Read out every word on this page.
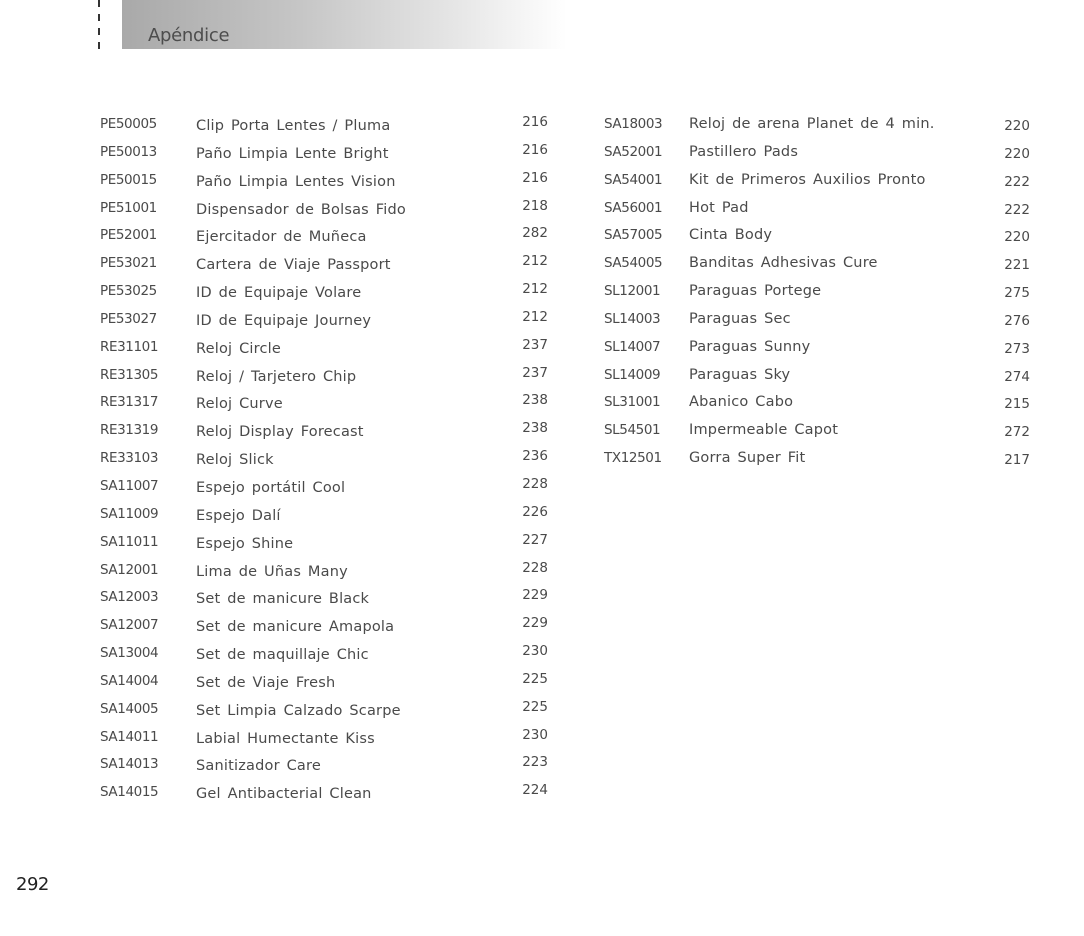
Apéndice
PE50005	Clip Porta Lentes / Pluma	216
PE50013	Paño Limpia Lente Bright	216
PE50015	Paño Limpia Lentes Vision	216
PE51001	Dispensador de Bolsas Fido	218
PE52001	Ejercitador de Muñeca	282
PE53021	Cartera de Viaje Passport	212
PE53025	ID de Equipaje Volare	212
PE53027	ID de Equipaje Journey	212
RE31101	Reloj Circle	237
RE31305	Reloj / Tarjetero Chip	237
RE31317	Reloj Curve	238
RE31319	Reloj Display Forecast	238
RE33103	Reloj Slick	236
SA11007	Espejo portátil Cool	228
SA11009	Espejo Dalí	226
SA11011	Espejo Shine	227
SA12001	Lima de Uñas Many	228
SA12003	Set de manicure Black	229
SA12007	Set de manicure Amapola	229
SA13004	Set de maquillaje Chic	230
SA14004	Set de Viaje Fresh	225
SA14005	Set Limpia Calzado Scarpe	225
SA14011	Labial Humectante Kiss	230
SA14013	Sanitizador Care	223
SA14015	Gel Antibacterial Clean	224
SA18003 Reloj de arena Planet de 4 min.	220
SA52001 Pastillero Pads	220
SA54001 Kit de Primeros Auxilios Pronto	222
SA56001 Hot Pad	222
SA57005 Cinta Body	220
SA54005 Banditas Adhesivas Cure	221
SL12001 Paraguas Portege	275
SL14003 Paraguas Sec	276
SL14007 Paraguas Sunny	273
SL14009 Paraguas Sky	274
SL31001 Abanico Cabo	215
SL54501 Impermeable Capot	272
TX12501 Gorra Super Fit	217
292
